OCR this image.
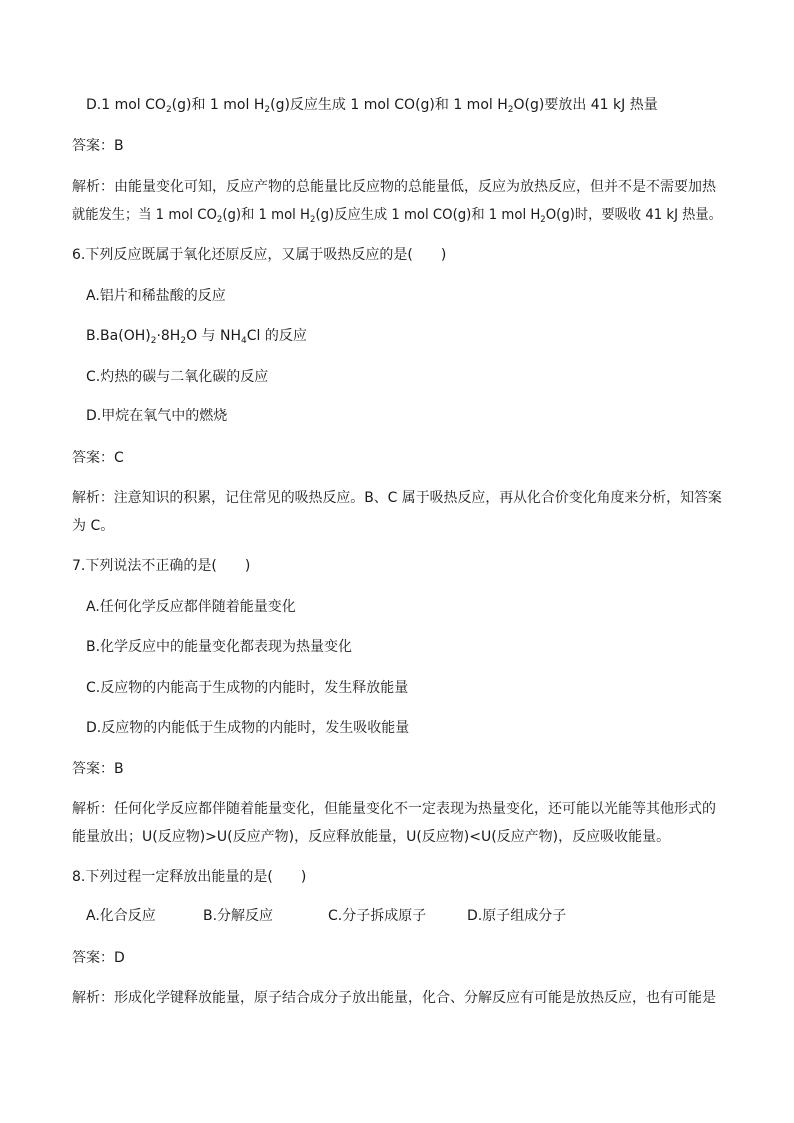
D.1 mol $CO_2(g)$和 1 mol $H_2(g)$反应生成 1 mol CO(g)和 1 mol $H_2O(g)$要放出 41 kJ 热量
答案：B
解析：由能量变化可知，反应产物的总能量比反应物的总能量低，反应为放热反应，但并不是不需要加热
就能发生；当 1 mol $CO_2(g)$和 1 mol $H_2(g)$反应生成 1 mol CO(g)和 1 mol $H_2O(g)$时，要吸收 41 kJ 热量。
6.下列反应既属于氧化还原反应，又属于吸热反应的是(　　)
A.铝片和稀盐酸的反应
$B.Ba(OH)_2\cdot 8H_2O$ 与 $NH_4Cl$ 的反应
C.灼热的碳与二氧化碳的反应
D.甲烷在氧气中的燃烧
答案：C
解析：注意知识的积累，记住常见的吸热反应。B、C 属于吸热反应，再从化合价变化角度来分析，知答案
为 C。
7.下列说法不正确的是(　　)
A.任何化学反应都伴随着能量变化
B.化学反应中的能量变化都表现为热量变化
C.反应物的内能高于生成物的内能时，发生释放能量
D.反应物的内能低于生成物的内能时，发生吸收能量
答案：B
解析：任何化学反应都伴随着能量变化，但能量变化不一定表现为热量变化，还可能以光能等其他形式的
能量放出；U(反应物)>U(反应产物)，反应释放能量，U(反应物)<U(反应产物)，反应吸收能量。
8.下列过程一定释放出能量的是(　　)
A.化合反应	B.分解反应	C.分子拆成原子	D.原子组成分子
答案：D
解析：形成化学键释放能量，原子结合成分子放出能量，化合、分解反应有可能是放热反应，也有可能是
